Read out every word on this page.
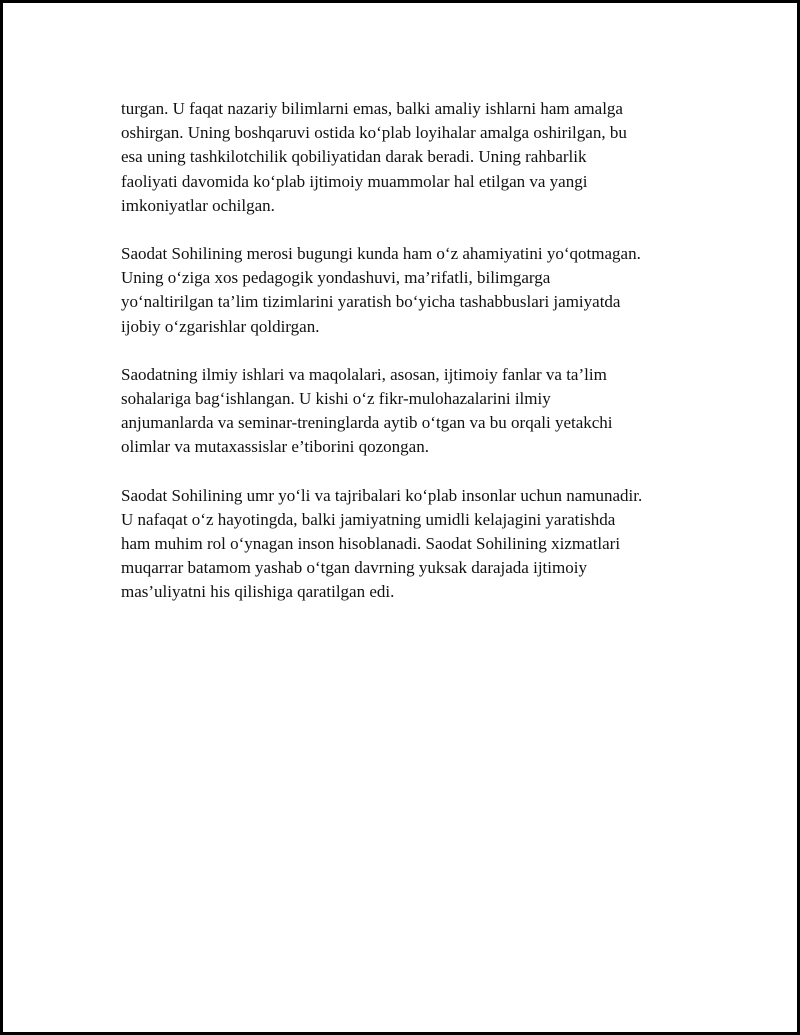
turgan. U faqat nazariy bilimlarni emas, balki amaliy ishlarni ham amalga
oshirgan. Uning boshqaruvi ostida ko‘plab loyihalar amalga oshirilgan, bu
esa uning tashkilotchilik qobiliyatidan darak beradi. Uning rahbarlik
faoliyati davomida ko‘plab ijtimoiy muammolar hal etilgan va yangi
imkoniyatlar ochilgan.

Saodat Sohilining merosi bugungi kunda ham o‘z ahamiyatini yo‘qotmagan.
Uning o‘ziga xos pedagogik yondashuvi, ma’rifatli, bilimgarga
yo‘naltirilgan ta’lim tizimlarini yaratish bo‘yicha tashabbuslari jamiyatda
ijobiy o‘zgarishlar qoldirgan.

Saodatning ilmiy ishlari va maqolalari, asosan, ijtimoiy fanlar va ta’lim
sohalariga bag‘ishlangan. U kishi o‘z fikr-mulohazalarini ilmiy
anjumanlarda va seminar-treninglarda aytib o‘tgan va bu orqali yetakchi
olimlar va mutaxassislar e’tiborini qozongan.

Saodat Sohilining umr yo‘li va tajribalari ko‘plab insonlar uchun namunadir.
U nafaqat o‘z hayotingda, balki jamiyatning umidli kelajagini yaratishda
ham muhim rol o‘ynagan inson hisoblanadi. Saodat Sohilining xizmatlari
muqarrar batamom yashab o‘tgan davrning yuksak darajada ijtimoiy
mas’uliyatni his qilishiga qaratilgan edi.
